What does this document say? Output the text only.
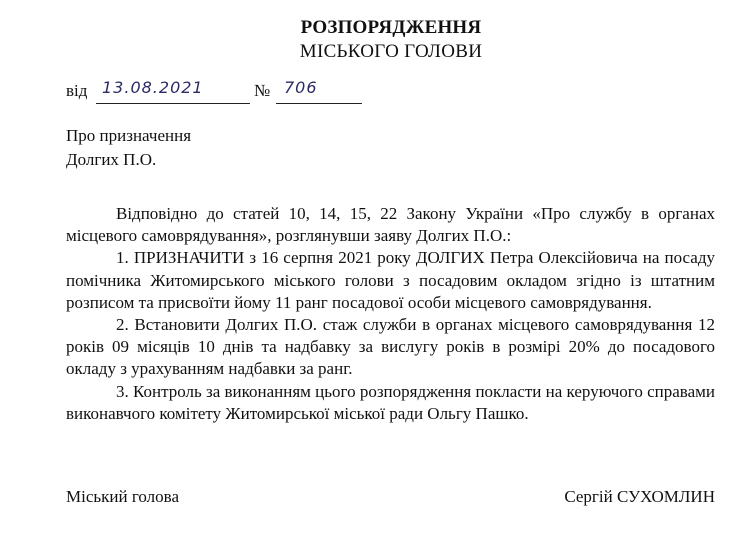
РОЗПОРЯДЖЕННЯ
МІСЬКОГО ГОЛОВИ
від 13.08.2021	№ 706
Про призначення
Долгих П.О.

Відповідно до статей 10, 14, 15, 22 Закону України «Про службу в органах місцевого самоврядування», розглянувши заяву Долгих П.О.:

1. ПРИЗНАЧИТИ з 16 серпня 2021 року ДОЛГИХ Петра Олексійовича на посаду помічника Житомирського міського голови з посадовим окладом згідно із штатним розписом та присвоїти йому 11 ранг посадової особи місцевого самоврядування.

2. Встановити Долгих П.О. стаж служби в органах місцевого самоврядування 12 років 09 місяців 10 днів та надбавку за вислугу років в розмірі 20% до посадового окладу з урахуванням надбавки за ранг.

3. Контроль за виконанням цього розпорядження покласти на керуючого справами виконавчого комітету Житомирської міської ради Ольгу Пашко.

Міський голова	Сергій СУХОМЛИН
